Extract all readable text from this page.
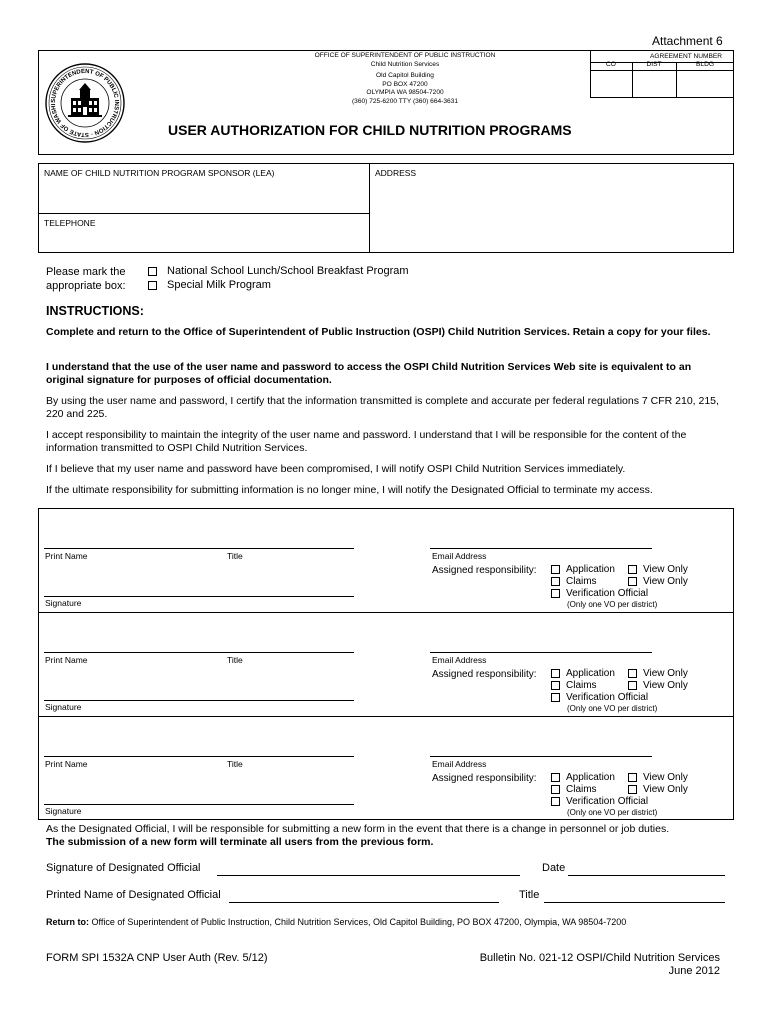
Attachment 6
SUPERINTENDENT OF PUBLIC INSTRUCTION · STATE OF WASHI
OFFICE OF SUPERINTENDENT OF PUBLIC INSTRUCTION
Child Nutrition Services
Old Capitol Building
PO BOX 47200
OLYMPIA WA 98504-7200
(360) 725-6200 TTY (360) 664-3631
AGREEMENT NUMBER
CO	DIST	BLDG
USER AUTHORIZATION FOR CHILD NUTRITION PROGRAMS
NAME OF CHILD NUTRITION PROGRAM SPONSOR (LEA)	ADDRESS
TELEPHONE
Please mark the
appropriate box:
National School Lunch/School Breakfast Program
Special Milk Program
INSTRUCTIONS:
Complete and return to the Office of Superintendent of Public Instruction (OSPI) Child Nutrition Services. Retain a copy for your files.
I understand that the use of the user name and password to access the OSPI Child Nutrition Services Web site is equivalent to an original signature for purposes of official documentation.
By using the user name and password, I certify that the information transmitted is complete and accurate per federal regulations 7 CFR 210, 215, 220 and 225.
I accept responsibility to maintain the integrity of the user name and password. I understand that I will be responsible for the content of the information transmitted to OSPI Child Nutrition Services.
If I believe that my user name and password have been compromised, I will notify OSPI Child Nutrition Services immediately.
If the ultimate responsibility for submitting information is no longer mine, I will notify the Designated Official to terminate my access.
Print Name	Title	Email Address
Assigned responsibility:	Application	View Only
Claims	View Only
Verification Official
(Only one VO per district)
Signature
Print Name	Title	Email Address
Assigned responsibility:	Application	View Only
Claims	View Only
Verification Official
(Only one VO per district)
Signature
Print Name	Title	Email Address
Assigned responsibility:	Application	View Only
Claims	View Only
Verification Official
(Only one VO per district)
Signature
As the Designated Official, I will be responsible for submitting a new form in the event that there is a change in personnel or job duties.
The submission of a new form will terminate all users from the previous form.
Signature of Designated Official	Date
Printed Name of Designated Official	Title
Return to: Office of Superintendent of Public Instruction, Child Nutrition Services, Old Capitol Building, PO BOX 47200, Olympia, WA 98504-7200
FORM SPI 1532A CNP User Auth (Rev. 5/12)	Bulletin No. 021-12 OSPI/Child Nutrition Services
June 2012
